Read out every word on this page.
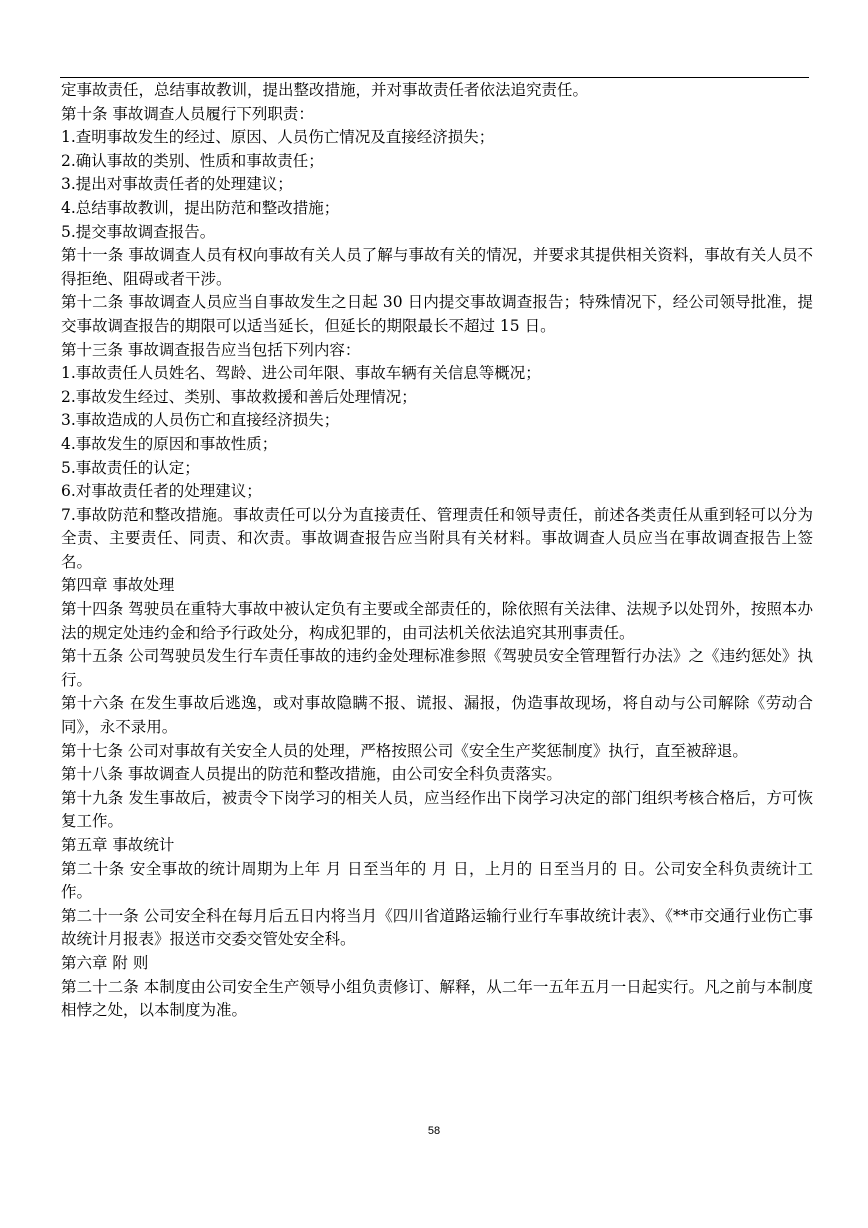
定事故责任，总结事故教训，提出整改措施，并对事故责任者依法追究责任。

第十条 事故调查人员履行下列职责：

1.查明事故发生的经过、原因、人员伤亡情况及直接经济损失；

2.确认事故的类别、性质和事故责任；

3.提出对事故责任者的处理建议；

4.总结事故教训，提出防范和整改措施；

5.提交事故调查报告。

第十一条 事故调查人员有权向事故有关人员了解与事故有关的情况，并要求其提供相关资料，事故有关人员不得拒绝、阻碍或者干涉。

第十二条 事故调查人员应当自事故发生之日起 30 日内提交事故调查报告；特殊情况下，经公司领导批准，提交事故调查报告的期限可以适当延长，但延长的期限最长不超过 15 日。

第十三条 事故调查报告应当包括下列内容：

1.事故责任人员姓名、驾龄、进公司年限、事故车辆有关信息等概况；

2.事故发生经过、类别、事故救援和善后处理情况；

3.事故造成的人员伤亡和直接经济损失；

4.事故发生的原因和事故性质；

5.事故责任的认定；

6.对事故责任者的处理建议；

7.事故防范和整改措施。事故责任可以分为直接责任、管理责任和领导责任，前述各类责任从重到轻可以分为全责、主要责任、同责、和次责。事故调查报告应当附具有关材料。事故调查人员应当在事故调查报告上签名。

第四章 事故处理

第十四条 驾驶员在重特大事故中被认定负有主要或全部责任的，除依照有关法律、法规予以处罚外，按照本办法的规定处违约金和给予行政处分，构成犯罪的，由司法机关依法追究其刑事责任。

第十五条 公司驾驶员发生行车责任事故的违约金处理标准参照《驾驶员安全管理暂行办法》之《违约惩处》执行。

第十六条 在发生事故后逃逸，或对事故隐瞒不报、谎报、漏报，伪造事故现场，将自动与公司解除《劳动合同》，永不录用。

第十七条 公司对事故有关安全人员的处理，严格按照公司《安全生产奖惩制度》执行，直至被辞退。

第十八条 事故调查人员提出的防范和整改措施，由公司安全科负责落实。

第十九条 发生事故后，被责令下岗学习的相关人员，应当经作出下岗学习决定的部门组织考核合格后，方可恢复工作。

第五章 事故统计

第二十条 安全事故的统计周期为上年 月 日至当年的 月 日，上月的 日至当月的 日。公司安全科负责统计工作。

第二十一条 公司安全科在每月后五日内将当月《四川省道路运输行业行车事故统计表》、《**市交通行业伤亡事故统计月报表》报送市交委交管处安全科。

第六章 附 则

第二十二条 本制度由公司安全生产领导小组负责修订、解释，从二年一五年五月一日起实行。凡之前与本制度相悖之处，以本制度为准。

58
